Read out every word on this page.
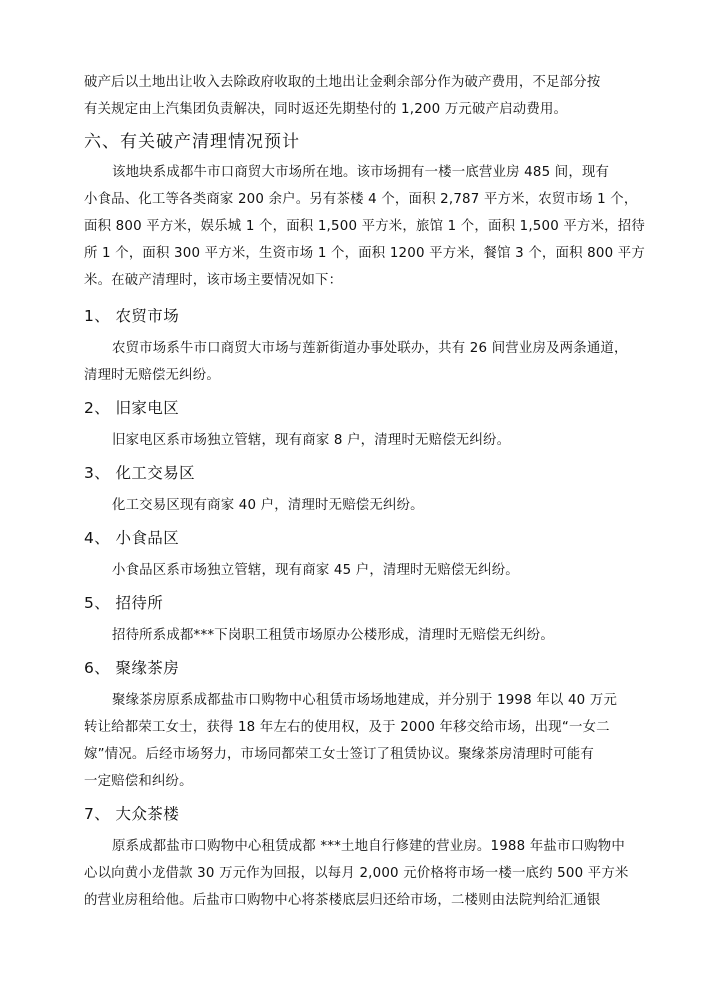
破产后以土地出让收入去除政府收取的土地出让金剩余部分作为破产费用，不足部分按
有关规定由上汽集团负责解决，同时返还先期垫付的 1,200 万元破产启动费用。
六、有关破产清理情况预计
该地块系成都牛市口商贸大市场所在地。该市场拥有一楼一底营业房 485 间，现有
小食品、化工等各类商家 200 余户。另有茶楼 4 个，面积 2,787 平方米，农贸市场 1 个，
面积 800 平方米，娱乐城 1 个，面积 1,500 平方米，旅馆 1 个，面积 1,500 平方米，招待
所 1 个，面积 300 平方米，生资市场 1 个，面积 1200 平方米，餐馆 3 个，面积 800 平方
米。在破产清理时，该市场主要情况如下：
1、 农贸市场
农贸市场系牛市口商贸大市场与莲新街道办事处联办，共有 26 间营业房及两条通道，
清理时无赔偿无纠纷。
2、 旧家电区
旧家电区系市场独立管辖，现有商家 8 户，清理时无赔偿无纠纷。
3、 化工交易区
化工交易区现有商家 40 户，清理时无赔偿无纠纷。
4、 小食品区
小食品区系市场独立管辖，现有商家 45 户，清理时无赔偿无纠纷。
5、 招待所
招待所系成都***下岗职工租赁市场原办公楼形成，清理时无赔偿无纠纷。
6、 聚缘茶房
聚缘茶房原系成都盐市口购物中心租赁市场场地建成，并分别于 1998 年以 40 万元
转让给都荣工女士，获得 18 年左右的使用权，及于 2000 年移交给市场，出现“一女二
嫁”情况。后经市场努力，市场同都荣工女士签订了租赁协议。聚缘茶房清理时可能有
一定赔偿和纠纷。
7、 大众茶楼
原系成都盐市口购物中心租赁成都 ***土地自行修建的营业房。1988 年盐市口购物中
心以向黄小龙借款 30 万元作为回报，以每月 2,000 元价格将市场一楼一底约 500 平方米
的营业房租给他。后盐市口购物中心将茶楼底层归还给市场，二楼则由法院判给汇通银
